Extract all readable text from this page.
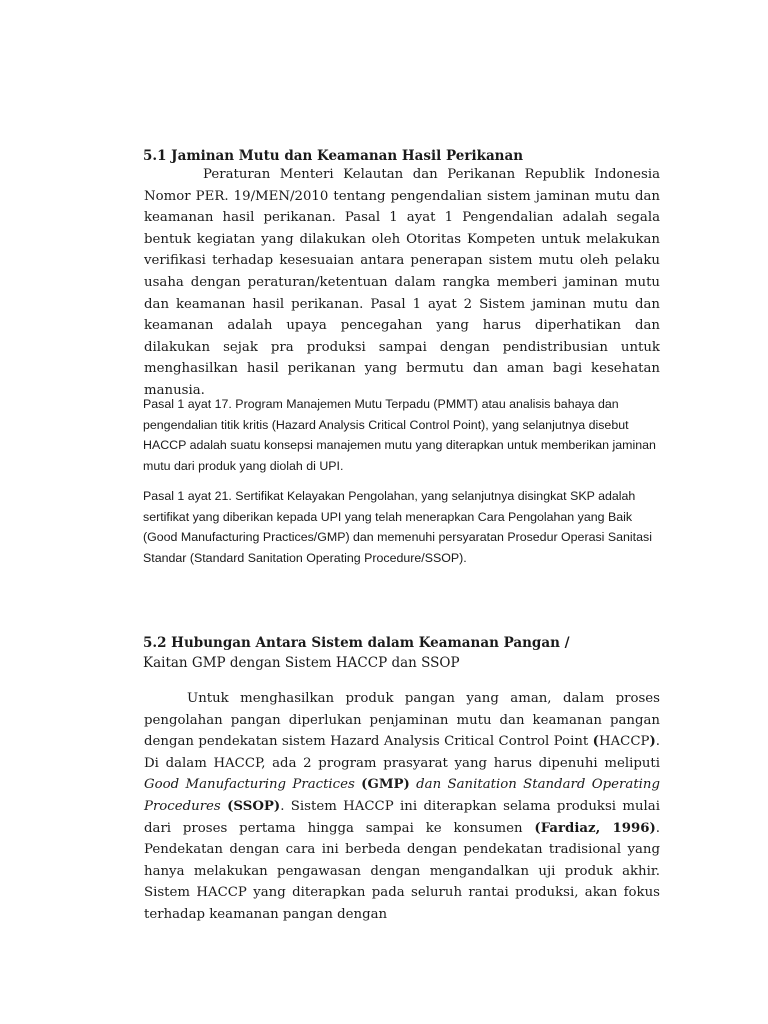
5.1 Jaminan Mutu dan Keamanan Hasil Perikanan

Peraturan Menteri Kelautan dan Perikanan Republik Indonesia Nomor PER. 19/MEN/2010 tentang pengendalian sistem jaminan mutu dan keamanan hasil perikanan. Pasal 1 ayat 1 Pengendalian adalah segala bentuk kegiatan yang dilakukan oleh Otoritas Kompeten untuk melakukan verifikasi terhadap kesesuaian antara penerapan sistem mutu oleh pelaku usaha dengan peraturan/ketentuan dalam rangka memberi jaminan mutu dan keamanan hasil perikanan. Pasal 1 ayat 2 Sistem jaminan mutu dan keamanan adalah upaya pencegahan yang harus diperhatikan dan dilakukan sejak pra produksi sampai dengan pendistribusian untuk menghasilkan hasil perikanan yang bermutu dan aman bagi kesehatan manusia.

Pasal 1 ayat 17. Program Manajemen Mutu Terpadu (PMMT) atau analisis bahaya dan pengendalian titik kritis (Hazard Analysis Critical Control Point), yang selanjutnya disebut HACCP adalah suatu konsepsi manajemen mutu yang diterapkan untuk memberikan jaminan mutu dari produk yang diolah di UPI.

Pasal 1 ayat 21. Sertifikat Kelayakan Pengolahan, yang selanjutnya disingkat SKP adalah sertifikat yang diberikan kepada UPI yang telah menerapkan Cara Pengolahan yang Baik (Good Manufacturing Practices/GMP) dan memenuhi persyaratan Prosedur Operasi Sanitasi Standar (Standard Sanitation Operating Procedure/SSOP).

5.2 Hubungan Antara Sistem dalam Keamanan Pangan /
Kaitan GMP dengan Sistem HACCP dan SSOP

Untuk menghasilkan produk pangan yang aman, dalam proses pengolahan pangan diperlukan penjaminan mutu dan keamanan pangan dengan pendekatan sistem Hazard Analysis Critical Control Point (HACCP). Di dalam HACCP, ada 2 program prasyarat yang harus dipenuhi meliputi Good Manufacturing Practices (GMP) dan Sanitation Standard Operating Procedures (SSOP). Sistem HACCP ini diterapkan selama produksi mulai dari proses pertama hingga sampai ke konsumen (Fardiaz, 1996). Pendekatan dengan cara ini berbeda dengan pendekatan tradisional yang hanya melakukan pengawasan dengan mengandalkan uji produk akhir. Sistem HACCP yang diterapkan pada seluruh rantai produksi, akan fokus terhadap keamanan pangan dengan
